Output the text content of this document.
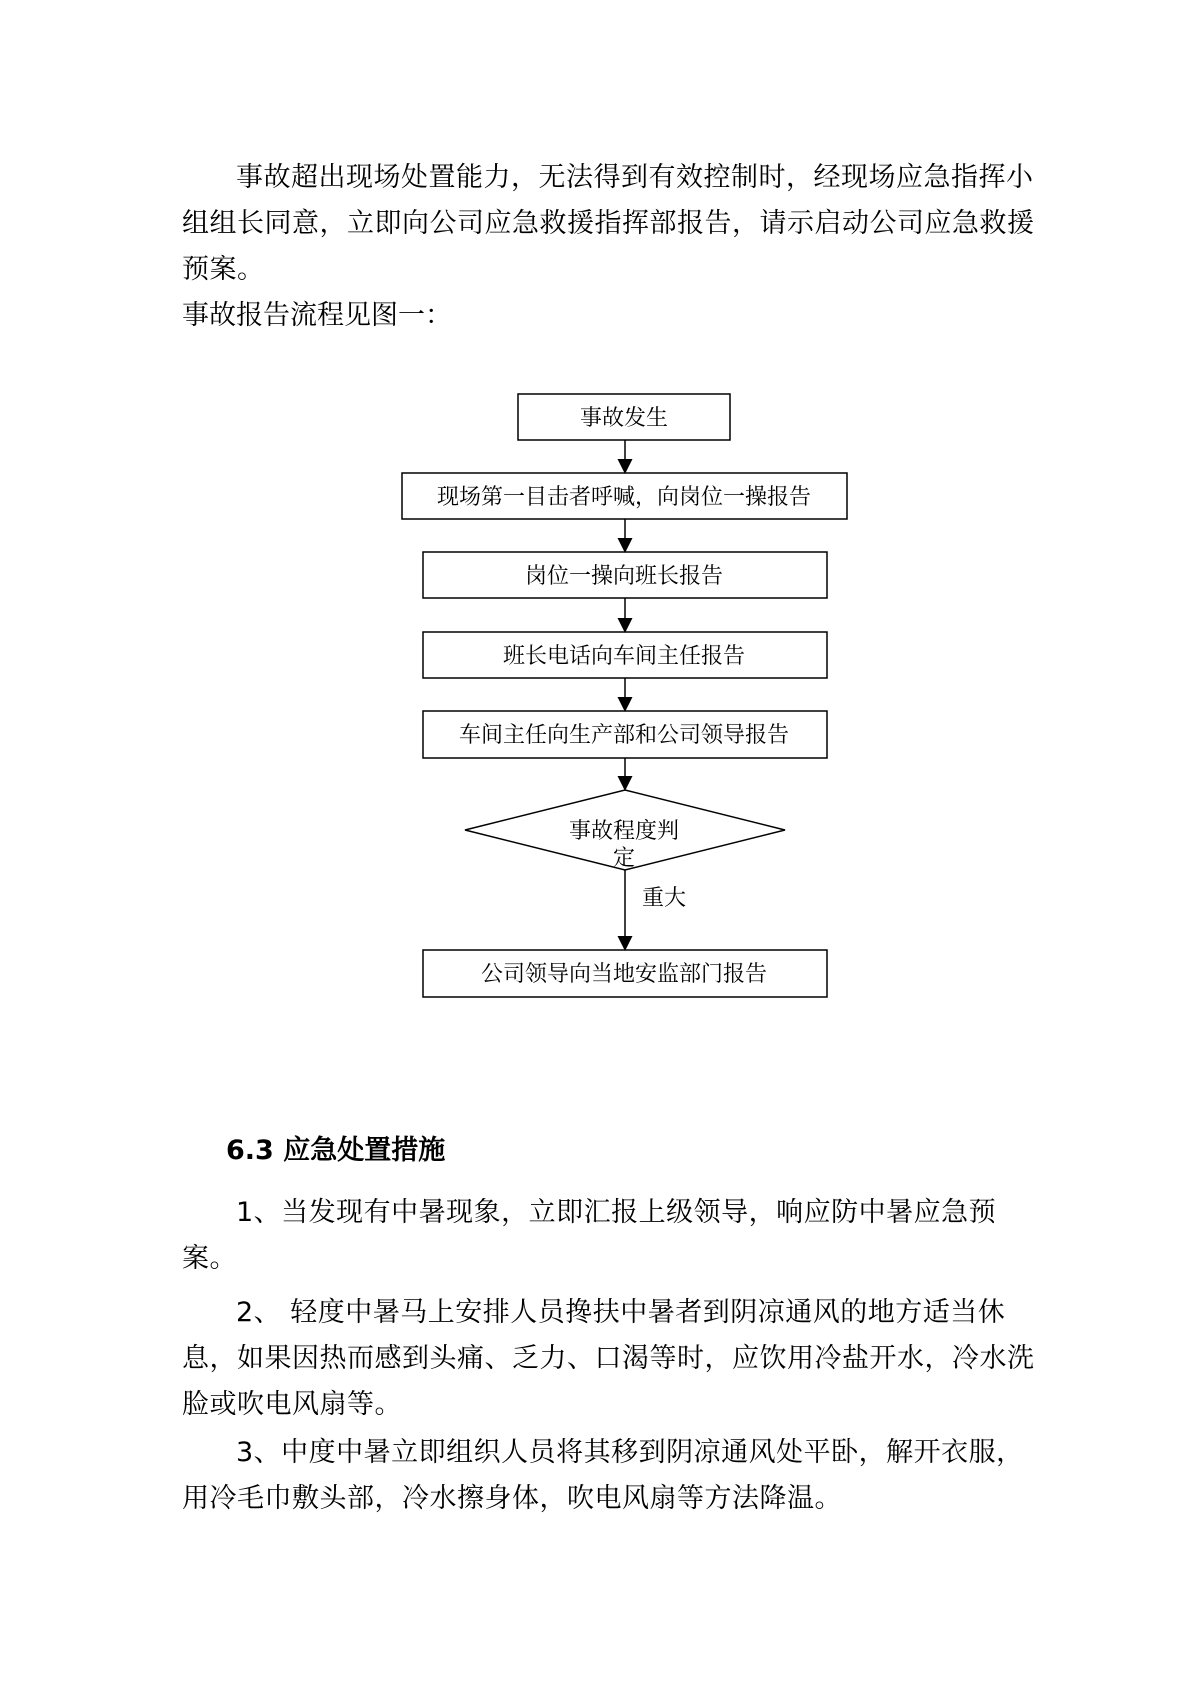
事故超出现场处置能力，无法得到有效控制时，经现场应急指挥小组组长同意，立即向公司应急救援指挥部报告，请示启动公司应急救援预案。

事故报告流程见图一：

事故发生
现场第一目击者呼喊，向岗位一操报告
岗位一操向班长报告
班长电话向车间主任报告
车间主任向生产部和公司领导报告
事故程度判
定
重大
公司领导向当地安监部门报告
6.3 应急处置措施

1、当发现有中暑现象，立即汇报上级领导，响应防中暑应急预案。

2、 轻度中暑马上安排人员搀扶中暑者到阴凉通风的地方适当休息，如果因热而感到头痛、乏力、口渴等时，应饮用冷盐开水，冷水洗脸或吹电风扇等。

3、中度中暑立即组织人员将其移到阴凉通风处平卧，解开衣服，用冷毛巾敷头部，冷水擦身体，吹电风扇等方法降温。
